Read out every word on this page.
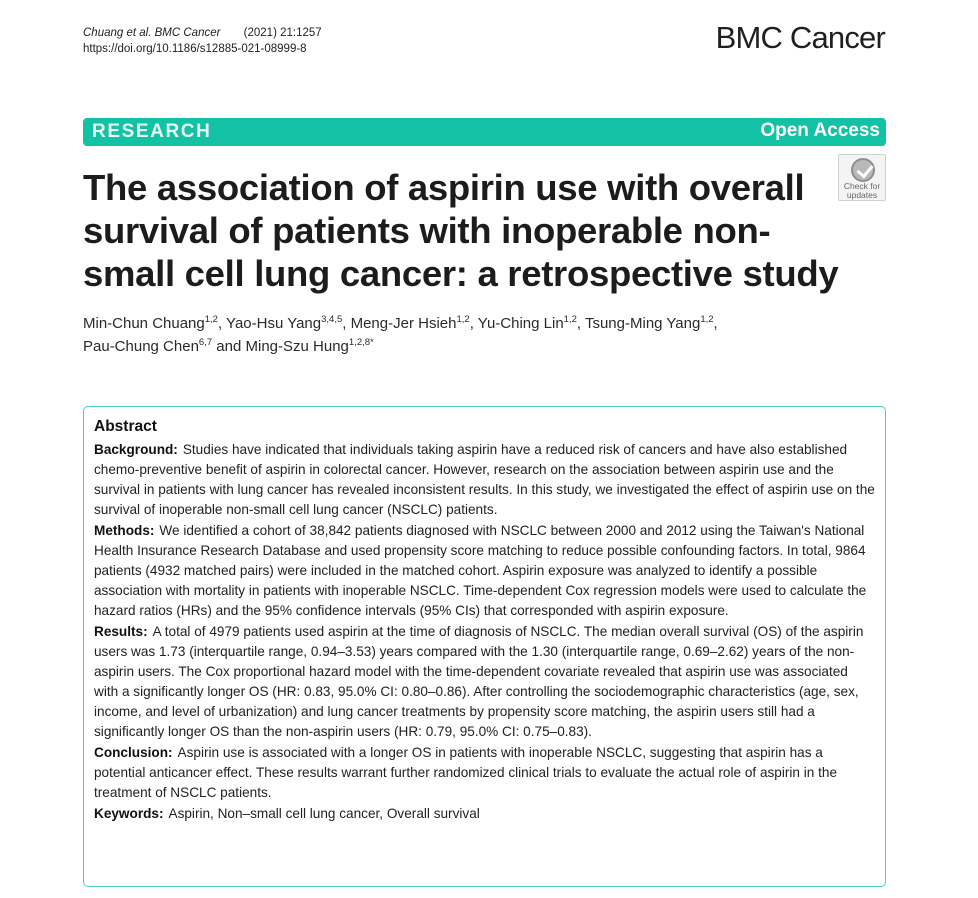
Chuang et al. BMC Cancer (2021) 21:1257
https://doi.org/10.1186/s12885-021-08999-8	BMC Cancer
RESEARCH	Open Access
Check for
updates
The association of aspirin use with overall survival of patients with inoperable non-small cell lung cancer: a retrospective study
Min-Chun Chuang$^{1,2}$, Yao-Hsu Yang$^{3,4,5}$, Meng-Jer Hsieh$^{1,2}$, Yu-Ching Lin$^{1,2}$, Tsung-Ming Yang$^{1,2}$,
Pau-Chung Chen$^{6,7}$ and Ming-Szu Hung$^{1,2,8*}$
Abstract

Background: Studies have indicated that individuals taking aspirin have a reduced risk of cancers and have also established chemo-preventive benefit of aspirin in colorectal cancer. However, research on the association between aspirin use and the survival in patients with lung cancer has revealed inconsistent results. In this study, we investigated the effect of aspirin use on the survival of inoperable non-small cell lung cancer (NSCLC) patients.

Methods: We identified a cohort of 38,842 patients diagnosed with NSCLC between 2000 and 2012 using the Taiwan's National Health Insurance Research Database and used propensity score matching to reduce possible confounding factors. In total, 9864 patients (4932 matched pairs) were included in the matched cohort. Aspirin exposure was analyzed to identify a possible association with mortality in patients with inoperable NSCLC. Time-dependent Cox regression models were used to calculate the hazard ratios (HRs) and the 95% confidence intervals (95% CIs) that corresponded with aspirin exposure.

Results: A total of 4979 patients used aspirin at the time of diagnosis of NSCLC. The median overall survival (OS) of the aspirin users was 1.73 (interquartile range, 0.94–3.53) years compared with the 1.30 (interquartile range, 0.69–2.62) years of the non-aspirin users. The Cox proportional hazard model with the time-dependent covariate revealed that aspirin use was associated with a significantly longer OS (HR: 0.83, 95.0% CI: 0.80–0.86). After controlling the sociodemographic characteristics (age, sex, income, and level of urbanization) and lung cancer treatments by propensity score matching, the aspirin users still had a significantly longer OS than the non-aspirin users (HR: 0.79, 95.0% CI: 0.75–0.83).

Conclusion: Aspirin use is associated with a longer OS in patients with inoperable NSCLC, suggesting that aspirin has a potential anticancer effect. These results warrant further randomized clinical trials to evaluate the actual role of aspirin in the treatment of NSCLC patients.

Keywords: Aspirin, Non–small cell lung cancer, Overall survival
